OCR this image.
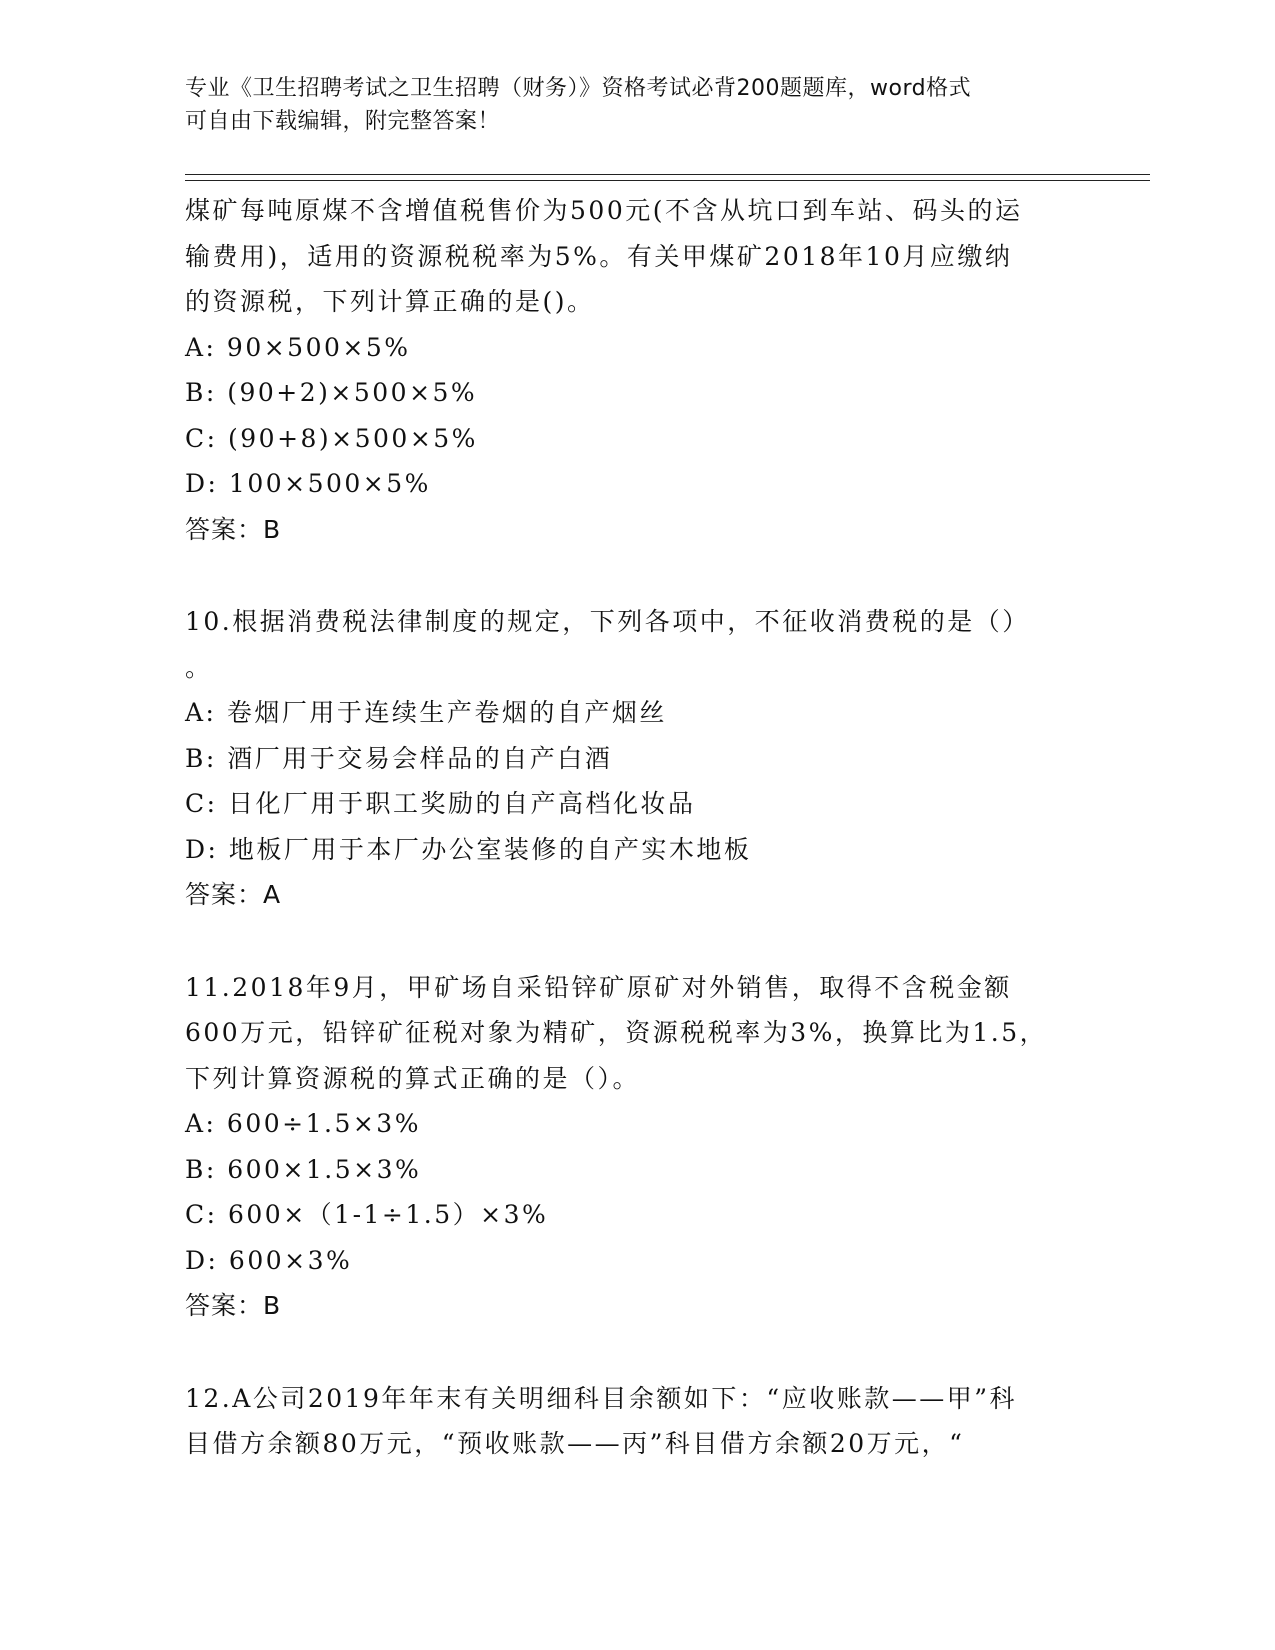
专业《卫生招聘考试之卫生招聘（财务）》资格考试必背200题题库，word格式
可自由下载编辑，附完整答案！
煤矿每吨原煤不含增值税售价为500元(不含从坑口到车站、码头的运
输费用)，适用的资源税税率为5%。有关甲煤矿2018年10月应缴纳
的资源税，下列计算正确的是()。
A: 90×500×5%
B: (90+2)×500×5%
C: (90+8)×500×5%
D: 100×500×5%
答案：B
10.根据消费税法律制度的规定，下列各项中，不征收消费税的是（）
。
A: 卷烟厂用于连续生产卷烟的自产烟丝
B: 酒厂用于交易会样品的自产白酒
C: 日化厂用于职工奖励的自产高档化妆品
D: 地板厂用于本厂办公室装修的自产实木地板
答案：A
11.2018年9月，甲矿场自采铅锌矿原矿对外销售，取得不含税金额
600万元，铅锌矿征税对象为精矿，资源税税率为3%，换算比为1.5，
下列计算资源税的算式正确的是（）。
A: 600÷1.5×3%
B: 600×1.5×3%
C: 600×（1-1÷1.5）×3%
D: 600×3%
答案：B
12.A公司2019年年末有关明细科目余额如下：“应收账款——甲”科
目借方余额80万元，“预收账款——丙”科目借方余额20万元，“
